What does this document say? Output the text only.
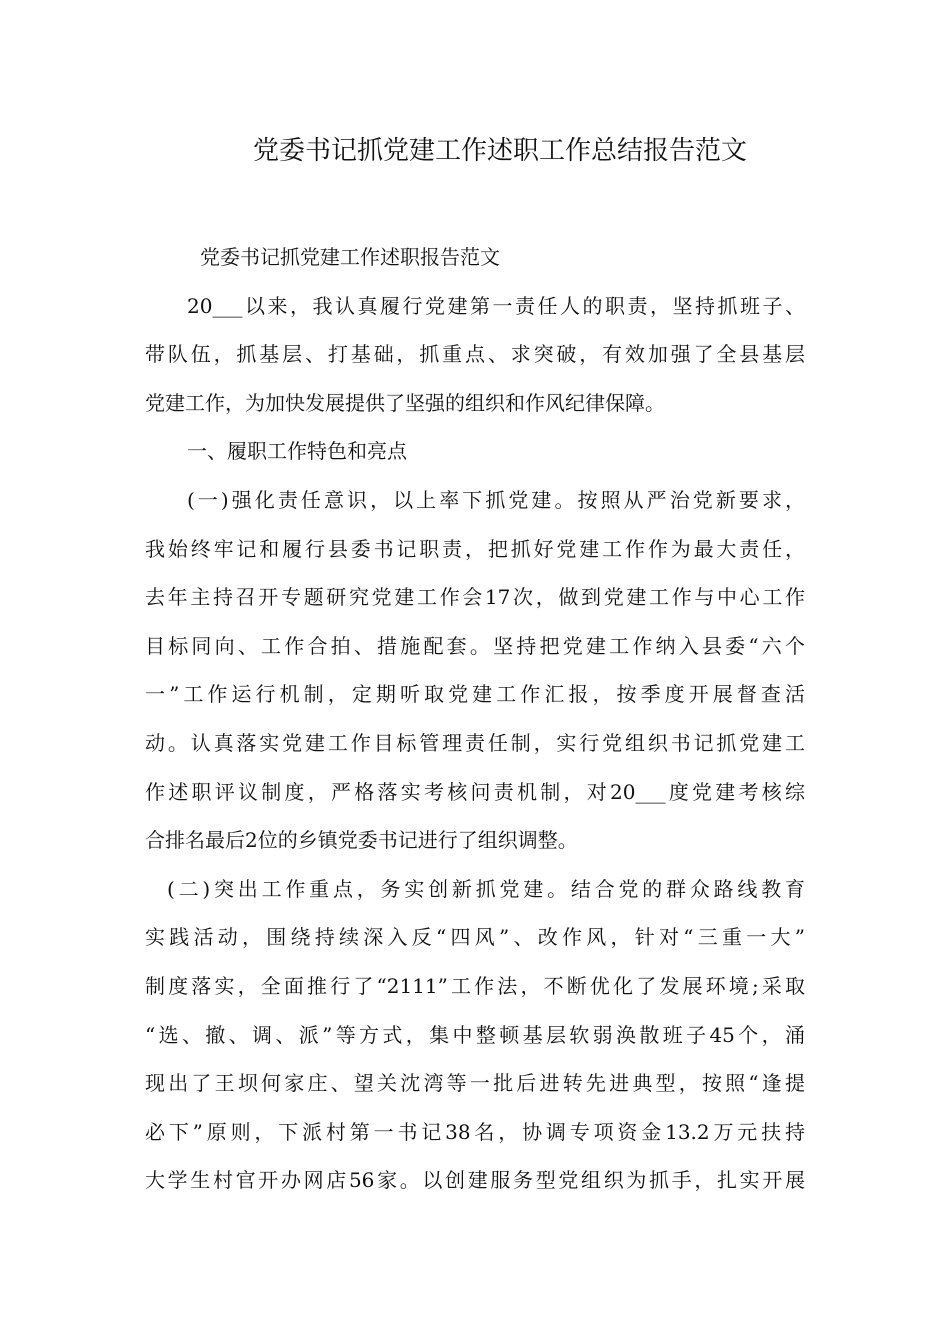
党委书记抓党建工作述职工作总结报告范文
党委书记抓党建工作述职报告范文
20___以来，我认真履行党建第一责任人的职责，坚持抓班子、
带队伍，抓基层、打基础，抓重点、求突破，有效加强了全县基层
党建工作，为加快发展提供了坚强的组织和作风纪律保障。
一、履职工作特色和亮点
(一)强化责任意识，以上率下抓党建。按照从严治党新要求，
我始终牢记和履行县委书记职责，把抓好党建工作作为最大责任，
去年主持召开专题研究党建工作会17次，做到党建工作与中心工作
目标同向、工作合拍、措施配套。坚持把党建工作纳入县委“六个
一”工作运行机制，定期听取党建工作汇报，按季度开展督查活
动。认真落实党建工作目标管理责任制，实行党组织书记抓党建工
作述职评议制度，严格落实考核问责机制，对20___度党建考核综
合排名最后2位的乡镇党委书记进行了组织调整。
(二)突出工作重点，务实创新抓党建。结合党的群众路线教育
实践活动，围绕持续深入反“四风”、改作风，针对“三重一大”
制度落实，全面推行了“2111”工作法，不断优化了发展环境;采取
“选、撤、调、派”等方式，集中整顿基层软弱涣散班子45个，涌
现出了王坝何家庄、望关沈湾等一批后进转先进典型，按照“逢提
必下”原则，下派村第一书记38名，协调专项资金13.2万元扶持
大学生村官开办网店56家。以创建服务型党组织为抓手，扎实开展
